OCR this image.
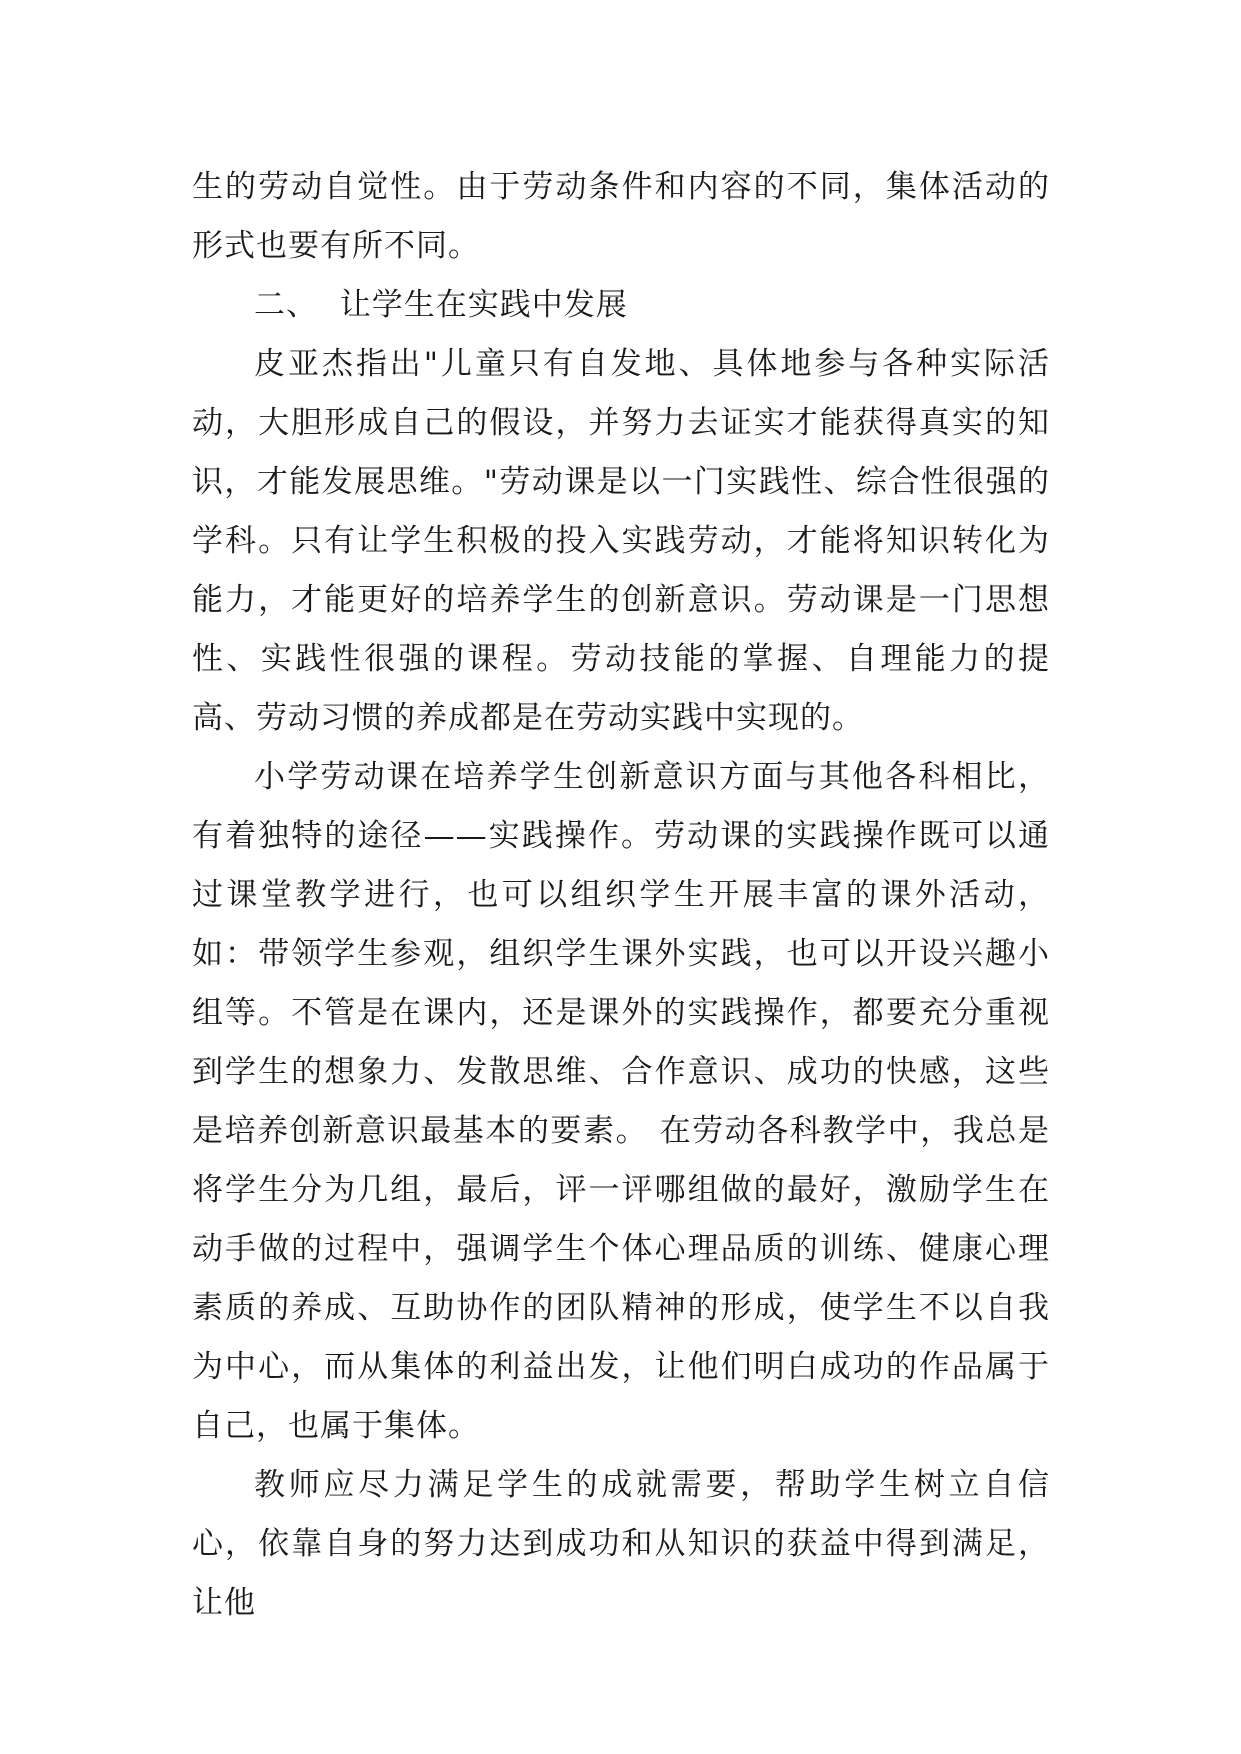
生的劳动自觉性。由于劳动条件和内容的不同，集体活动的形式也要有所不同。

二、  让学生在实践中发展

皮亚杰指出"儿童只有自发地、具体地参与各种实际活动，大胆形成自己的假设，并努力去证实才能获得真实的知识，才能发展思维。"劳动课是以一门实践性、综合性很强的学科。只有让学生积极的投入实践劳动，才能将知识转化为能力，才能更好的培养学生的创新意识。劳动课是一门思想性、实践性很强的课程。劳动技能的掌握、自理能力的提高、劳动习惯的养成都是在劳动实践中实现的。

小学劳动课在培养学生创新意识方面与其他各科相比，有着独特的途径——实践操作。劳动课的实践操作既可以通过课堂教学进行，也可以组织学生开展丰富的课外活动，如：带领学生参观，组织学生课外实践，也可以开设兴趣小组等。不管是在课内，还是课外的实践操作，都要充分重视到学生的想象力、发散思维、合作意识、成功的快感，这些是培养创新意识最基本的要素。 在劳动各科教学中，我总是将学生分为几组，最后，评一评哪组做的最好，激励学生在动手做的过程中，强调学生个体心理品质的训练、健康心理素质的养成、互助协作的团队精神的形成，使学生不以自我为中心，而从集体的利益出发，让他们明白成功的作品属于自己，也属于集体。

教师应尽力满足学生的成就需要，帮助学生树立自信心，依靠自身的努力达到成功和从知识的获益中得到满足，让他
